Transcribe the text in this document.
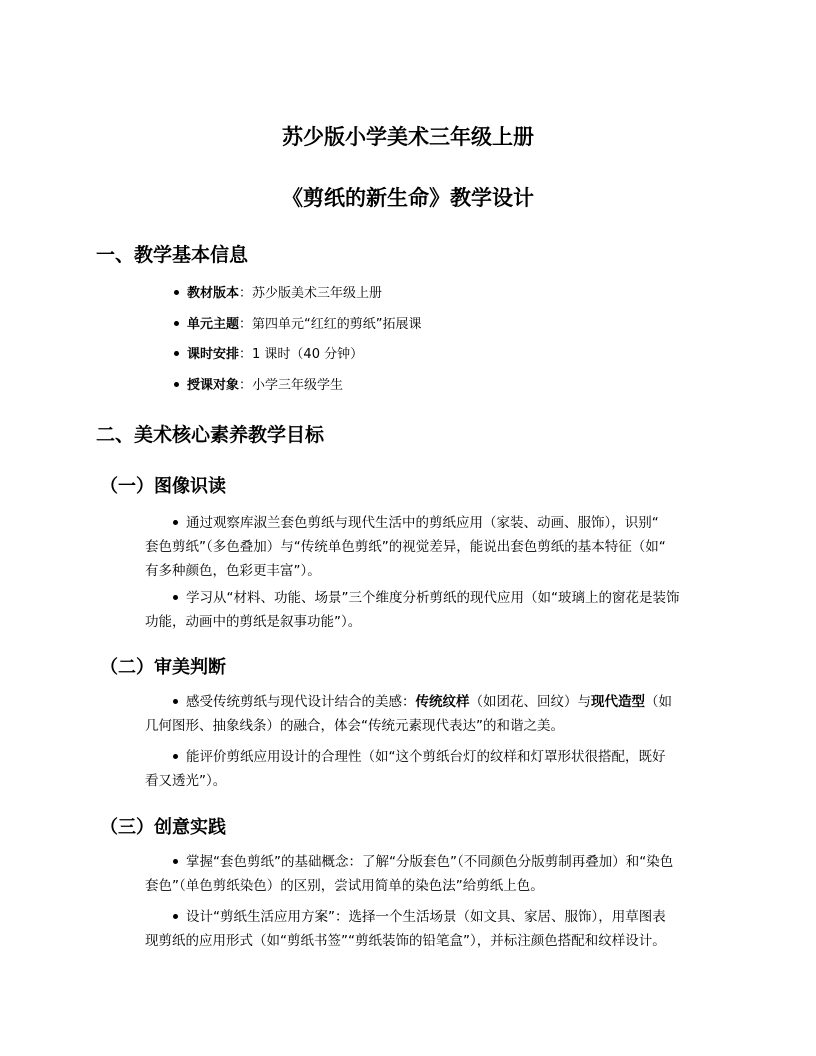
苏少版小学美术三年级上册
《剪纸的新生命》教学设计
一、教学基本信息
教材版本：苏少版美术三年级上册
单元主题：第四单元“红红的剪纸”拓展课
课时安排：1 课时（40 分钟）
授课对象：小学三年级学生
二、美术核心素养教学目标
（一）图像识读
通过观察库淑兰套色剪纸与现代生活中的剪纸应用（家装、动画、服饰），识别“
套色剪纸”（多色叠加）与“传统单色剪纸”的视觉差异，能说出套色剪纸的基本特征（如“
有多种颜色，色彩更丰富”）。
学习从“材料、功能、场景”三个维度分析剪纸的现代应用（如“玻璃上的窗花是装饰
功能，动画中的剪纸是叙事功能”）。
（二）审美判断
感受传统剪纸与现代设计结合的美感：传统纹样（如团花、回纹）与现代造型（如
几何图形、抽象线条）的融合，体会“传统元素现代表达”的和谐之美。
能评价剪纸应用设计的合理性（如“这个剪纸台灯的纹样和灯罩形状很搭配，既好
看又透光”）。
（三）创意实践
掌握“套色剪纸”的基础概念：了解“分版套色”（不同颜色分版剪制再叠加）和“染色
套色”（单色剪纸染色）的区别，尝试用简单的染色法”给剪纸上色。
设计“剪纸生活应用方案”：选择一个生活场景（如文具、家居、服饰），用草图表
现剪纸的应用形式（如“剪纸书签”“剪纸装饰的铅笔盒”），并标注颜色搭配和纹样设计。
